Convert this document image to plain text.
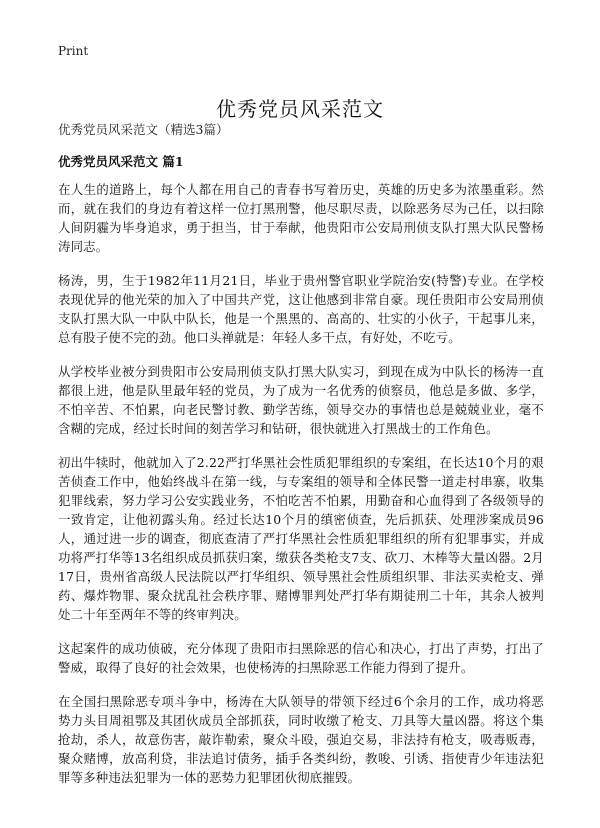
Print
优秀党员风采范文
优秀党员风采范文（精选3篇）
优秀党员风采范文 篇1

在人生的道路上，每个人都在用自己的青春书写着历史，英雄的历史多为浓墨重彩。然而，就在我们的身边有着这样一位打黑刑警，他尽职尽责，以除恶务尽为己任，以扫除人间阴霾为毕身追求，勇于担当，甘于奉献，他贵阳市公安局刑侦支队打黑大队民警杨涛同志。

杨涛，男，生于1982年11月21日，毕业于贵州警官职业学院治安(特警)专业。在学校表现优异的他光荣的加入了中国共产党，这让他感到非常自豪。现任贵阳市公安局刑侦支队打黑大队一中队中队长，他是一个黑黑的、高高的、壮实的小伙子，干起事儿来，总有股子使不完的劲。他口头禅就是：年轻人多干点，有好处，不吃亏。

从学校毕业被分到贵阳市公安局刑侦支队打黑大队实习，到现在成为中队长的杨涛一直都很上进，他是队里最年轻的党员，为了成为一名优秀的侦察员，他总是多做、多学，不怕辛苦、不怕累，向老民警讨教、勤学苦练，领导交办的事情也总是兢兢业业，毫不含糊的完成，经过长时间的刻苦学习和钻研，很快就进入打黑战士的工作角色。

初出牛犊时，他就加入了2.22严打华黑社会性质犯罪组织的专案组，在长达10个月的艰苦侦查工作中，他始终战斗在第一线，与专案组的领导和全体民警一道走村串寨，收集犯罪线索，努力学习公安实践业务，不怕吃苦不怕累，用勤奋和心血得到了各级领导的一致肯定，让他初露头角。经过长达10个月的缜密侦查，先后抓获、处理涉案成员96人，通过进一步的调查，彻底查清了严打华黑社会性质犯罪组织的所有犯罪事实，并成功将严打华等13名组织成员抓获归案，缴获各类枪支7支、砍刀、木棒等大量凶器。2月17日，贵州省高级人民法院以严打华组织、领导黑社会性质组织罪、非法买卖枪支、弹药、爆炸物罪、聚众扰乱社会秩序罪、赌博罪判处严打华有期徒刑二十年，其余人被判处二十年至两年不等的终审判决。

这起案件的成功侦破，充分体现了贵阳市扫黑除恶的信心和决心，打出了声势，打出了警威，取得了良好的社会效果，也使杨涛的扫黑除恶工作能力得到了提升。

在全国扫黑除恶专项斗争中，杨涛在大队领导的带领下经过6个余月的工作，成功将恶势力头目周祖鄂及其团伙成员全部抓获，同时收缴了枪支、刀具等大量凶器。将这个集抢劫，杀人，故意伤害，敲诈勒索，聚众斗殴，强迫交易，非法持有枪支，吸毒贩毒，聚众赌博，放高利贷，非法追讨债务，插手各类纠纷，教唆、引诱、指使青少年违法犯罪等多种违法犯罪为一体的恶势力犯罪团伙彻底摧毁。
